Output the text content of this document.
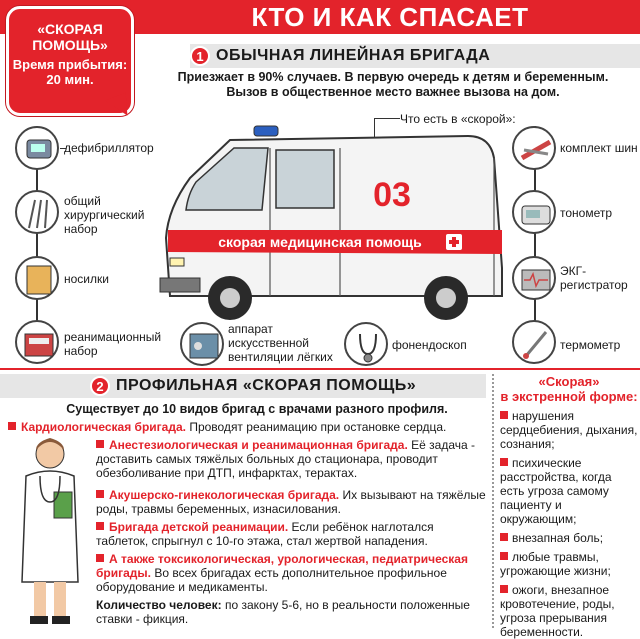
КТО И КАК СПАСАЕТ
«СКОРАЯ ПОМОЩЬ»
Время прибытия: 20 мин.
1 ОБЫЧНАЯ ЛИНЕЙНАЯ БРИГАДА
Приезжает в 90% случаев. В первую очередь к детям и беременным.
Вызов в общественное место важнее вызова на дом.
Что есть в «скорой»:
03
скорая медицинская помощь
дефибриллятор
общий хирургический набор
носилки
реанимационный набор
аппарат искусственной вентиляции лёгких
фонендоскоп
комплект шин
тонометр
ЭКГ-регистратор
термометр
2 ПРОФИЛЬНАЯ «СКОРАЯ ПОМОЩЬ»
Существует до 10 видов бригад с врачами разного профиля.
Кардиологическая бригада. Проводят реанимацию при остановке сердца.
Анестезиологическая и реанимационная бригада. Её задача - доставить самых тяжёлых больных до стационара, проводит обезболивание при ДТП, инфарктах, терактах.
Акушерско-гинекологическая бригада. Их вызывают на тяжёлые роды, травмы беременных, изнасилования.
Бригада детской реанимации. Если ребёнок наглотался таблеток, спрыгнул с 10-го этажа, стал жертвой нападения.
А также токсикологическая, урологическая, педиатрическая бригады. Во всех бригадах есть дополнительное профильное оборудование и медикаменты.
Количество человек: по закону 5-6, но в реальности положенные ставки - фикция.
«Скорая»
в экстренной форме:
нарушения сердцебиения, дыхания, сознания;
психические расстройства, когда есть угроза самому пациенту и окружающим;
внезапная боль;
любые травмы, угрожающие жизни;
ожоги, внезапное кровотечение, роды, угроза прерывания беременности.
